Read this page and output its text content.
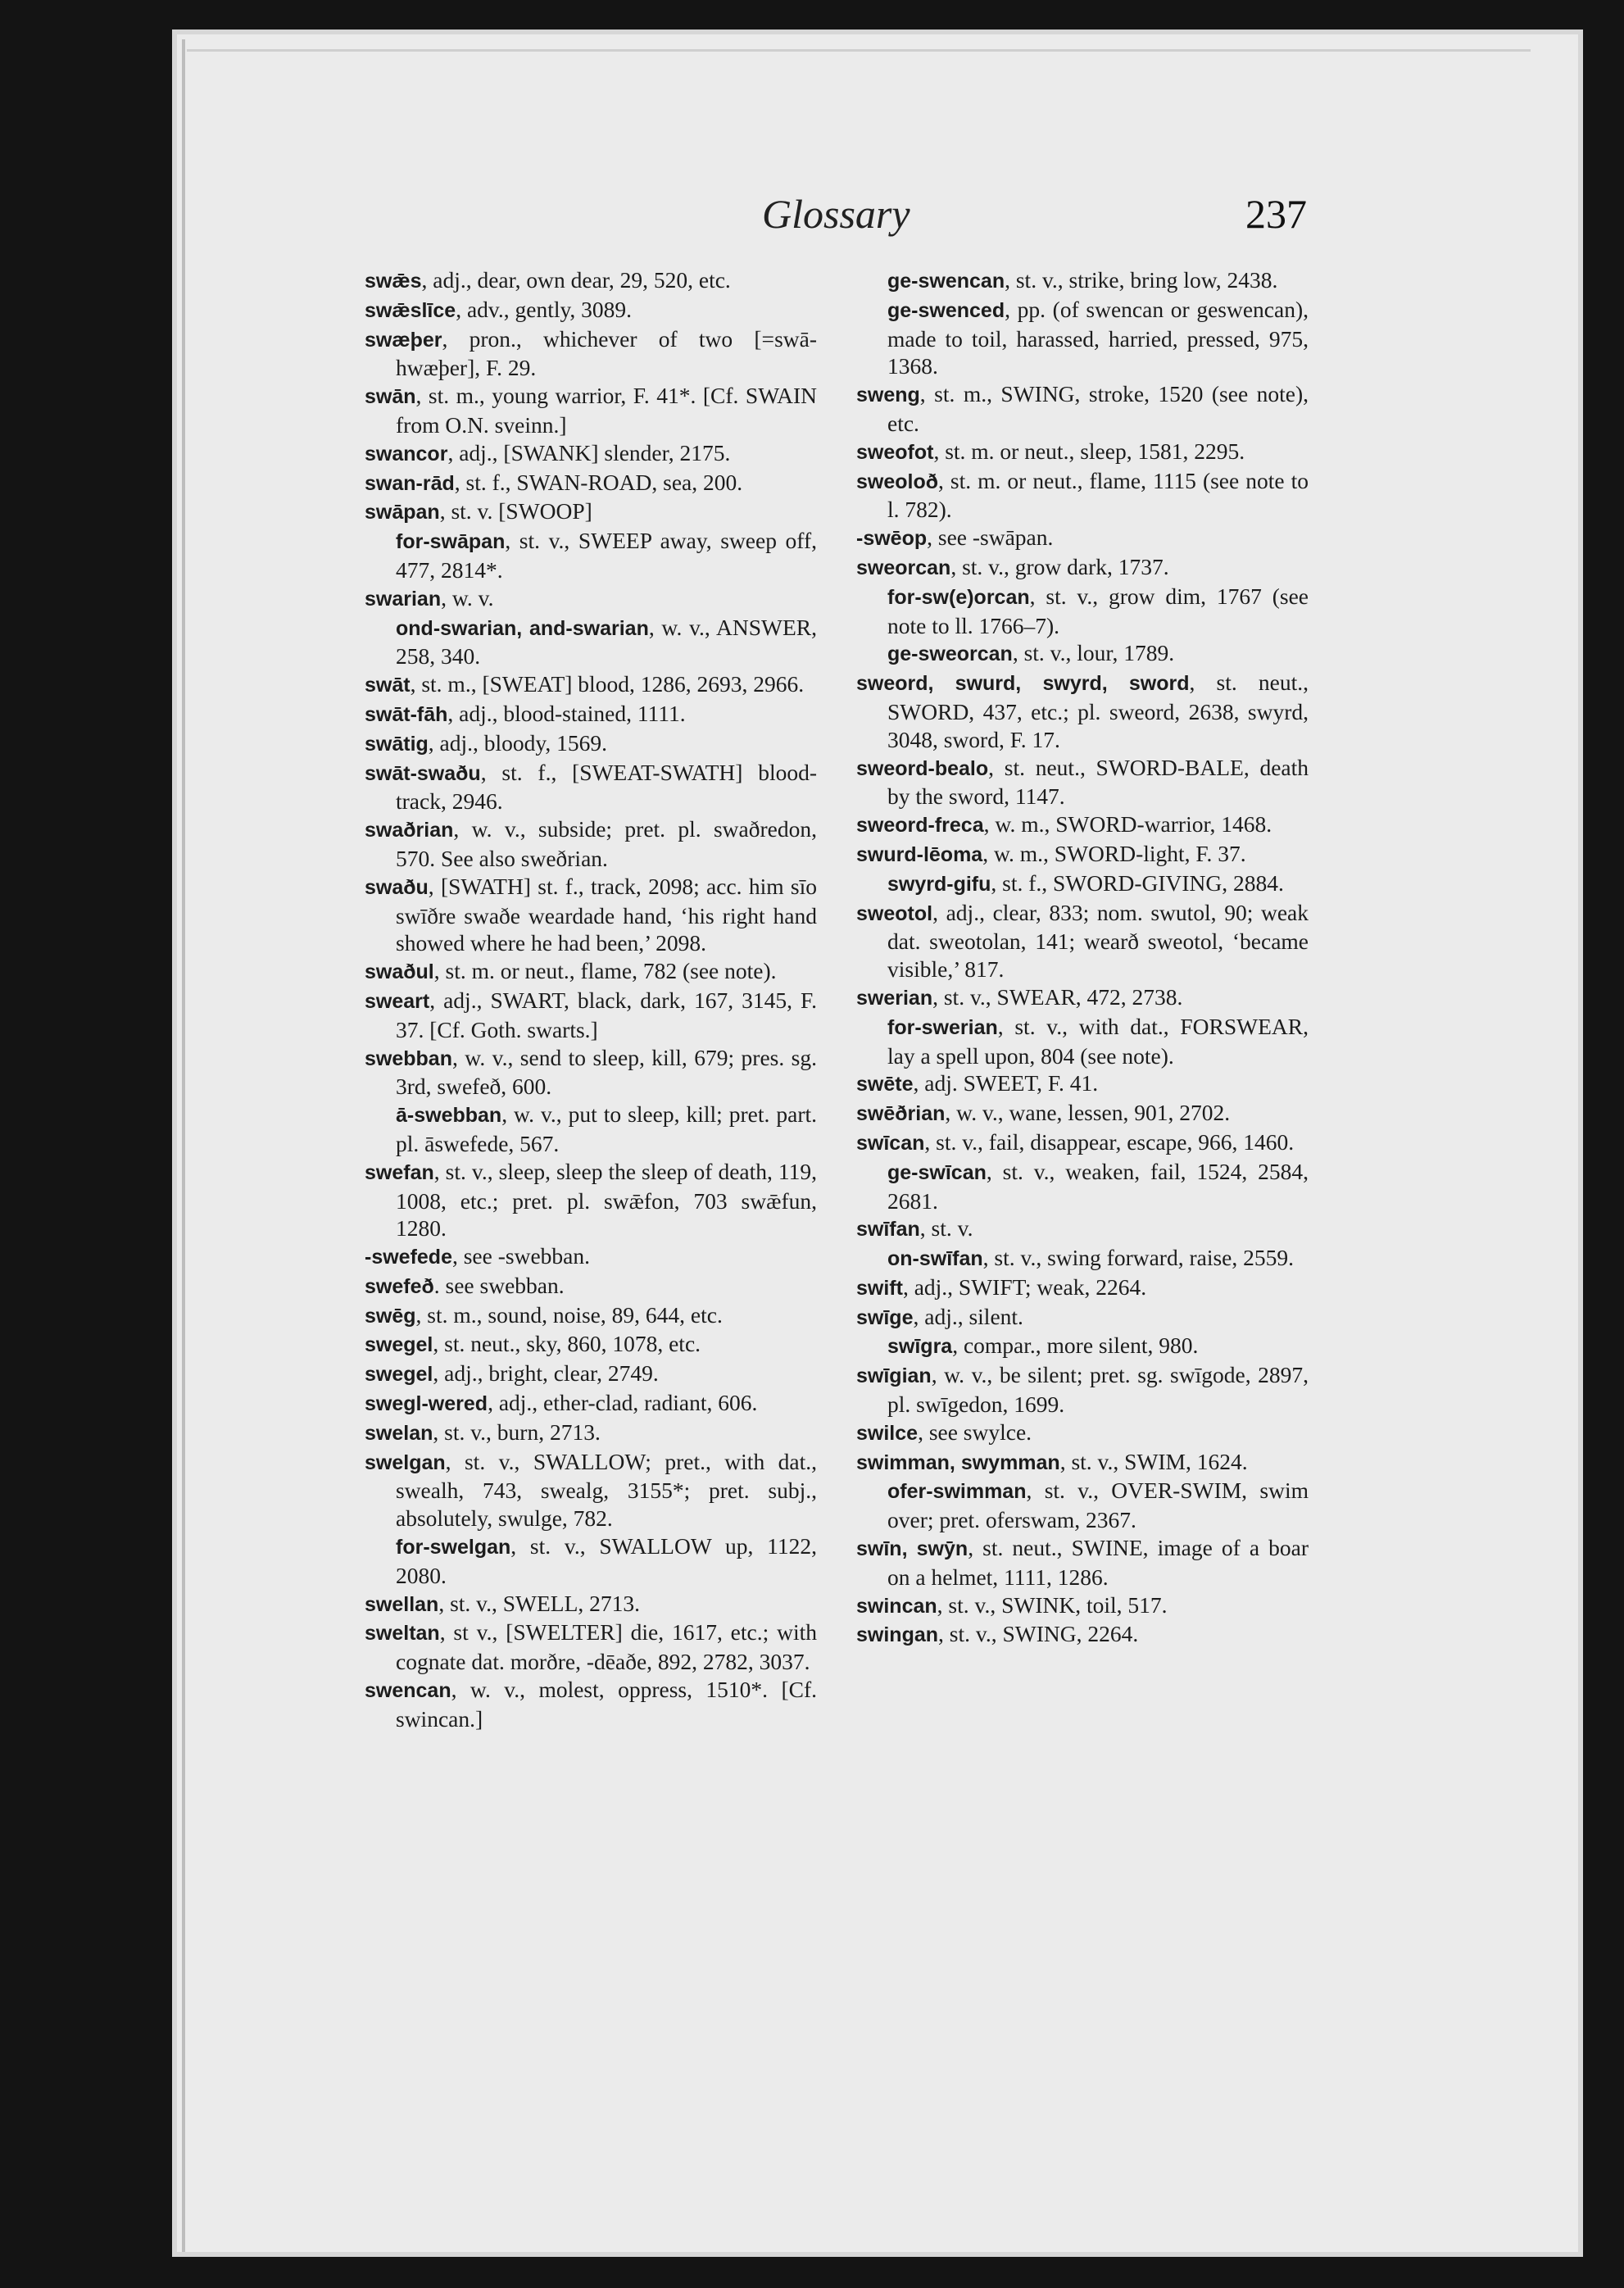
Glossary	237

swǣs, adj., dear, own dear, 29, 520, etc.

swǣslīce, adv., gently, 3089.

swæþer, pron., whichever of two [=swā-hwæþer], F. 29.

swān, st. m., young warrior, F. 41*. [Cf. SWAIN from O.N. sveinn.]

swancor, adj., [SWANK] slender, 2175.

swan-rād, st. f., SWAN-ROAD, sea, 200.

swāpan, st. v. [SWOOP]

for-swāpan, st. v., SWEEP away, sweep off, 477, 2814*.

swarian, w. v.

ond-swarian, and-swarian, w. v., ANSWER, 258, 340.

swāt, st. m., [SWEAT] blood, 1286, 2693, 2966.

swāt-fāh, adj., blood-stained, 1111.

swātig, adj., bloody, 1569.

swāt-swaðu, st. f., [SWEAT-SWATH] blood-track, 2946.

swaðrian, w. v., subside; pret. pl. swaðredon, 570. See also sweðrian.

swaðu, [SWATH] st. f., track, 2098; acc. him sīo swīðre swaðe weardade hand, ‘his right hand showed where he had been,’ 2098.

swaðul, st. m. or neut., flame, 782 (see note).

sweart, adj., SWART, black, dark, 167, 3145, F. 37. [Cf. Goth. swarts.]

swebban, w. v., send to sleep, kill, 679; pres. sg. 3rd, swefeð, 600.

ā-swebban, w. v., put to sleep, kill; pret. part. pl. āswefede, 567.

swefan, st. v., sleep, sleep the sleep of death, 119, 1008, etc.; pret. pl. swǣfon, 703 swǣfun, 1280.

-swefede, see -swebban.

swefeð. see swebban.

swēg, st. m., sound, noise, 89, 644, etc.

swegel, st. neut., sky, 860, 1078, etc.

swegel, adj., bright, clear, 2749.

swegl-wered, adj., ether-clad, radiant, 606.

swelan, st. v., burn, 2713.

swelgan, st. v., SWALLOW; pret., with dat., swealh, 743, swealg, 3155*; pret. subj., absolutely, swulge, 782.

for-swelgan, st. v., SWALLOW up, 1122, 2080.

swellan, st. v., SWELL, 2713.

sweltan, st v., [SWELTER] die, 1617, etc.; with cognate dat. morðre, -dēaðe, 892, 2782, 3037.

swencan, w. v., molest, oppress, 1510*. [Cf. swincan.]

ge-swencan, st. v., strike, bring low, 2438.

ge-swenced, pp. (of swencan or geswencan), made to toil, harassed, harried, pressed, 975, 1368.

sweng, st. m., SWING, stroke, 1520 (see note), etc.

sweofot, st. m. or neut., sleep, 1581, 2295.

sweoloð, st. m. or neut., flame, 1115 (see note to l. 782).

-swēop, see -swāpan.

sweorcan, st. v., grow dark, 1737.

for-sw(e)orcan, st. v., grow dim, 1767 (see note to ll. 1766–7).

ge-sweorcan, st. v., lour, 1789.

sweord, swurd, swyrd, sword, st. neut., SWORD, 437, etc.; pl. sweord, 2638, swyrd, 3048, sword, F. 17.

sweord-bealo, st. neut., SWORD-BALE, death by the sword, 1147.

sweord-freca, w. m., SWORD-warrior, 1468.

swurd-lēoma, w. m., SWORD-light, F. 37.

swyrd-gifu, st. f., SWORD-GIVING, 2884.

sweotol, adj., clear, 833; nom. swutol, 90; weak dat. sweotolan, 141; wearð sweotol, ‘became visible,’ 817.

swerian, st. v., SWEAR, 472, 2738.

for-swerian, st. v., with dat., FORSWEAR, lay a spell upon, 804 (see note).

swēte, adj. SWEET, F. 41.

swēðrian, w. v., wane, lessen, 901, 2702.

swīcan, st. v., fail, disappear, escape, 966, 1460.

ge-swīcan, st. v., weaken, fail, 1524, 2584, 2681.

swīfan, st. v.

on-swīfan, st. v., swing forward, raise, 2559.

swift, adj., SWIFT; weak, 2264.

swīge, adj., silent.

swīgra, compar., more silent, 980.

swīgian, w. v., be silent; pret. sg. swīgode, 2897, pl. swīgedon, 1699.

swilce, see swylce.

swimman, swymman, st. v., SWIM, 1624.

ofer-swimman, st. v., OVER-SWIM, swim over; pret. oferswam, 2367.

swīn, swȳn, st. neut., SWINE, image of a boar on a helmet, 1111, 1286.

swincan, st. v., SWINK, toil, 517.

swingan, st. v., SWING, 2264.
